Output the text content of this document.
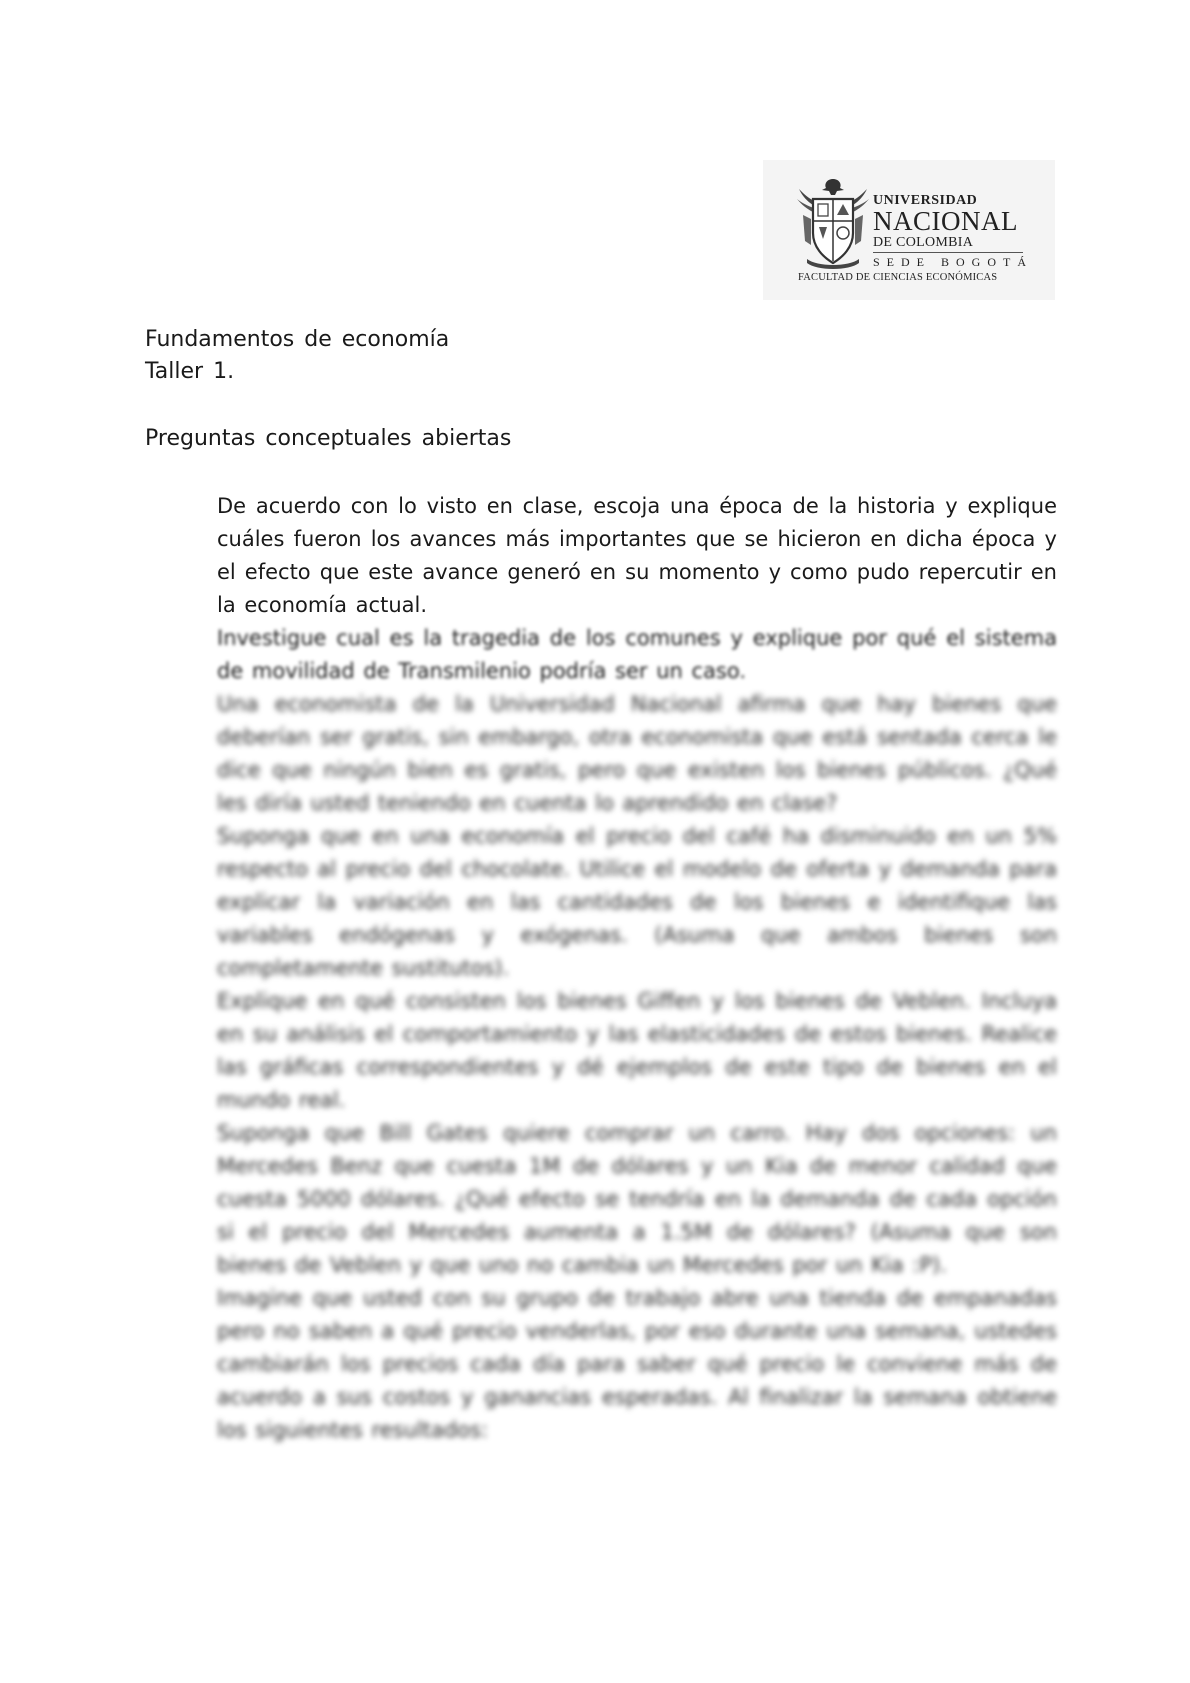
UNIVERSIDAD
NACIONAL
DE COLOMBIA
SEDE BOGOTÁ
FACULTAD DE CIENCIAS ECONÓMICAS
Fundamentos de economía
Taller 1.
Preguntas conceptuales abiertas

De acuerdo con lo visto en clase, escoja una época de la historia y explique cuáles fueron los avances más importantes que se hicieron en dicha época y el efecto que este avance generó en su momento y como pudo repercutir en la economía actual.

Investigue cual es la tragedia de los comunes y explique por qué el sistema de movilidad de Transmilenio podría ser un caso.

Una economista de la Universidad Nacional afirma que hay bienes que deberían ser gratis, sin embargo, otra economista que está sentada cerca le dice que ningún bien es gratis, pero que existen los bienes públicos. ¿Qué les diría usted teniendo en cuenta lo aprendido en clase?

Suponga que en una economía el precio del café ha disminuido en un 5% respecto al precio del chocolate. Utilice el modelo de oferta y demanda para explicar la variación en las cantidades de los bienes e identifique las variables endógenas y exógenas. (Asuma que ambos bienes son completamente sustitutos).

Explique en qué consisten los bienes Giffen y los bienes de Veblen. Incluya en su análisis el comportamiento y las elasticidades de estos bienes. Realice las gráficas correspondientes y dé ejemplos de este tipo de bienes en el mundo real.

Suponga que Bill Gates quiere comprar un carro. Hay dos opciones: un Mercedes Benz que cuesta 1M de dólares y un Kia de menor calidad que cuesta 5000 dólares. ¿Qué efecto se tendría en la demanda de cada opción si el precio del Mercedes aumenta a 1.5M de dólares? (Asuma que son bienes de Veblen y que uno no cambia un Mercedes por un Kia :P).

Imagine que usted con su grupo de trabajo abre una tienda de empanadas pero no saben a qué precio venderlas, por eso durante una semana, ustedes cambiarán los precios cada día para saber qué precio le conviene más de acuerdo a sus costos y ganancias esperadas. Al finalizar la semana obtiene los siguientes resultados:
